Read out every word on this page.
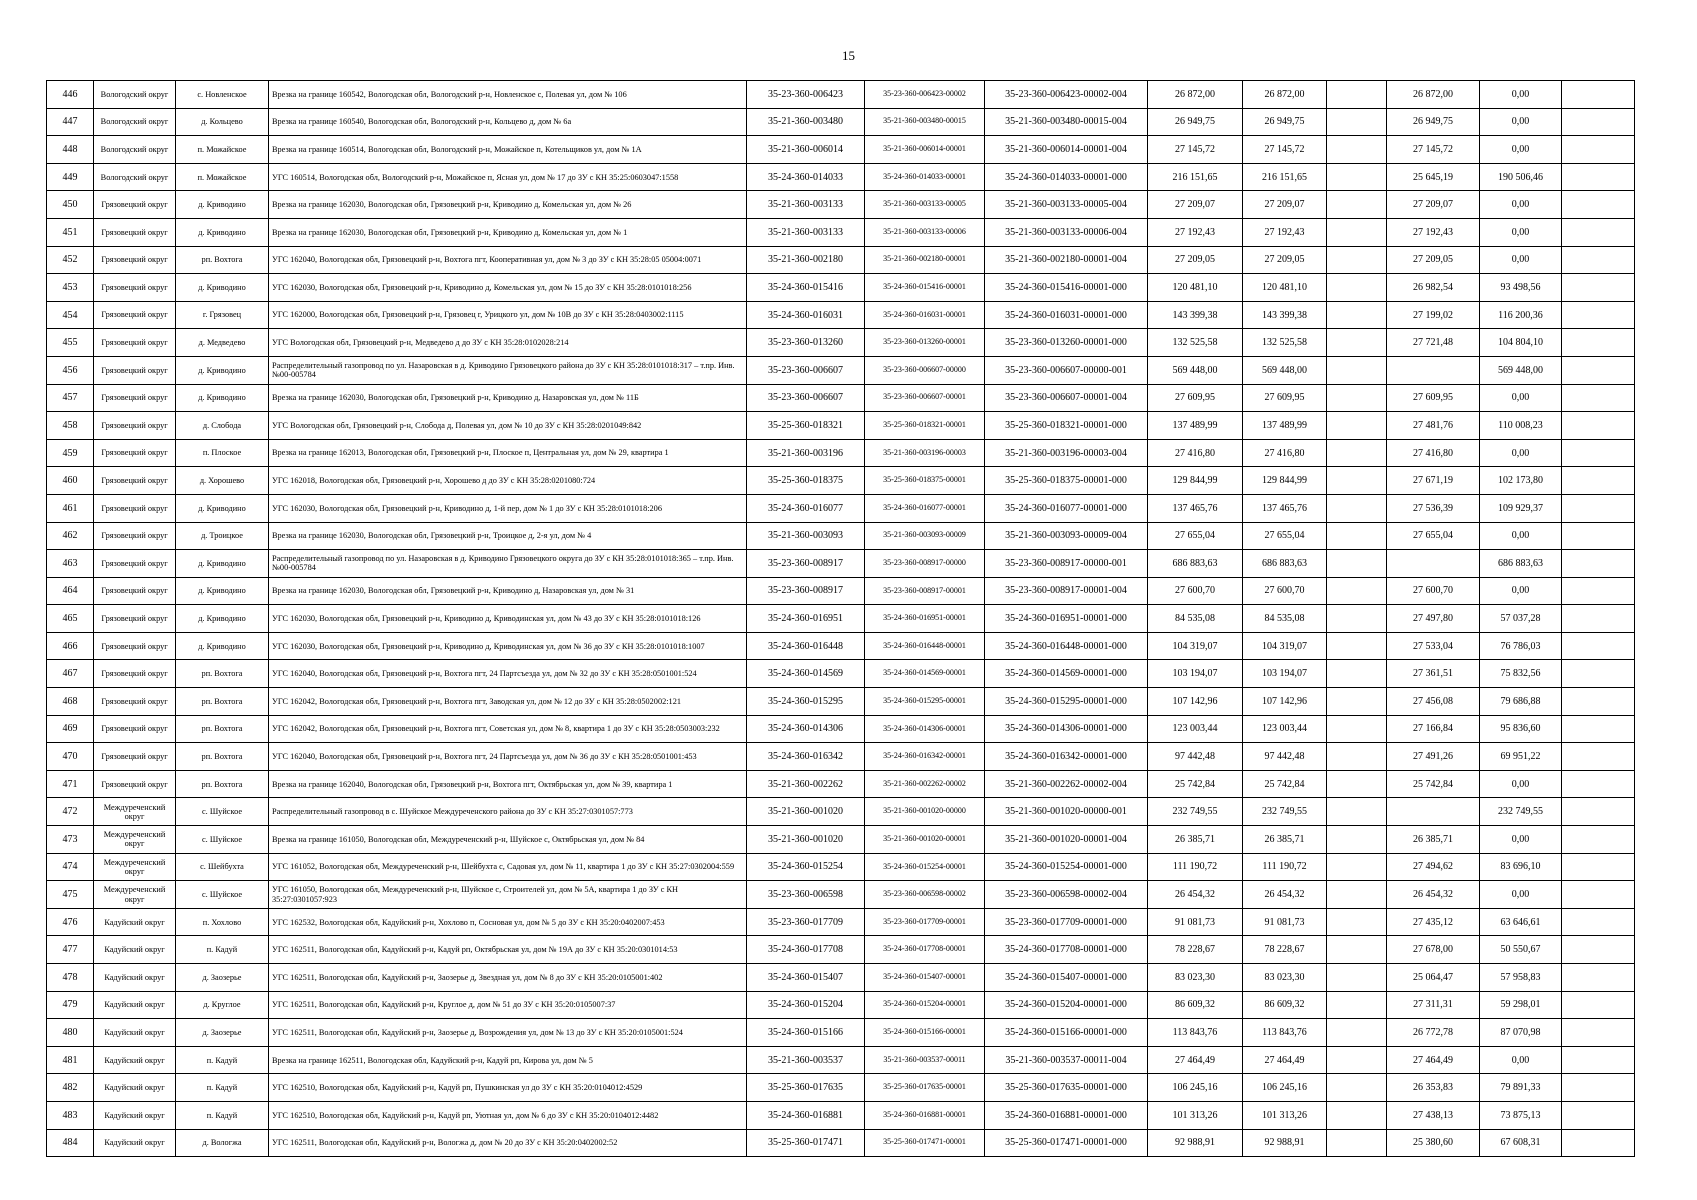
15
446	Вологодский округ	с. Новленское	Врезка на границе 160542, Вологодская обл, Вологодский р-н, Новленское с, Полевая ул, дом № 106	35-23-360-006423	35-23-360-006423-00002	35-23-360-006423-00002-004	26 872,00	26 872,00		26 872,00	0,00	
447	Вологодский округ	д. Кольцево	Врезка на границе 160540, Вологодская обл, Вологодский р-н, Кольцево д, дом № 6а	35-21-360-003480	35-21-360-003480-00015	35-21-360-003480-00015-004	26 949,75	26 949,75		26 949,75	0,00	
448	Вологодский округ	п. Можайское	Врезка на границе 160514, Вологодская обл, Вологодский р-н, Можайское п, Котельщиков ул, дом № 1А	35-21-360-006014	35-21-360-006014-00001	35-21-360-006014-00001-004	27 145,72	27 145,72		27 145,72	0,00	
449	Вологодский округ	п. Можайское	УГС 160514, Вологодская обл, Вологодский р-н, Можайское п, Ясная ул, дом № 17 до ЗУ с КН 35:25:0603047:1558	35-24-360-014033	35-24-360-014033-00001	35-24-360-014033-00001-000	216 151,65	216 151,65		25 645,19	190 506,46	
450	Грязовецкий округ	д. Криводино	Врезка на границе 162030, Вологодская обл, Грязовецкий р-н, Криводино д, Комельская ул, дом № 26	35-21-360-003133	35-21-360-003133-00005	35-21-360-003133-00005-004	27 209,07	27 209,07		27 209,07	0,00	
451	Грязовецкий округ	д. Криводино	Врезка на границе 162030, Вологодская обл, Грязовецкий р-н, Криводино д, Комельская ул, дом № 1	35-21-360-003133	35-21-360-003133-00006	35-21-360-003133-00006-004	27 192,43	27 192,43		27 192,43	0,00	
452	Грязовецкий округ	рп. Вохтога	УГС 162040, Вологодская обл, Грязовецкий р-н, Вохтога пгт, Кооперативная ул, дом № 3 до ЗУ с КН 35:28:05 05004:0071	35-21-360-002180	35-21-360-002180-00001	35-21-360-002180-00001-004	27 209,05	27 209,05		27 209,05	0,00	
453	Грязовецкий округ	д. Криводино	УГС 162030, Вологодская обл, Грязовецкий р-н, Криводино д, Комельская ул, дом № 15 до ЗУ с КН 35:28:0101018:256	35-24-360-015416	35-24-360-015416-00001	35-24-360-015416-00001-000	120 481,10	120 481,10		26 982,54	93 498,56	
454	Грязовецкий округ	г. Грязовец	УГС 162000, Вологодская обл, Грязовецкий р-н, Грязовец г, Урицкого ул, дом № 10В до ЗУ с КН 35:28:0403002:1115	35-24-360-016031	35-24-360-016031-00001	35-24-360-016031-00001-000	143 399,38	143 399,38		27 199,02	116 200,36	
455	Грязовецкий округ	д. Медведево	УГС Вологодская обл, Грязовецкий р-н, Медведево д до ЗУ с КН 35:28:0102028:214	35-23-360-013260	35-23-360-013260-00001	35-23-360-013260-00001-000	132 525,58	132 525,58		27 721,48	104 804,10	
456	Грязовецкий округ	д. Криводино	Распределительный газопровод по ул. Назаровская в д. Криводино Грязовецкого района до ЗУ с КН 35:28:0101018:317 – т.пр. Инв. №00-005784	35-23-360-006607	35-23-360-006607-00000	35-23-360-006607-00000-001	569 448,00	569 448,00			569 448,00	
457	Грязовецкий округ	д. Криводино	Врезка на границе 162030, Вологодская обл, Грязовецкий р-н, Криводино д, Назаровская ул, дом № 11Б	35-23-360-006607	35-23-360-006607-00001	35-23-360-006607-00001-004	27 609,95	27 609,95		27 609,95	0,00	
458	Грязовецкий округ	д. Слобода	УГС Вологодская обл, Грязовецкий р-н, Слобода д, Полевая ул, дом № 10 до ЗУ с КН 35:28:0201049:842	35-25-360-018321	35-25-360-018321-00001	35-25-360-018321-00001-000	137 489,99	137 489,99		27 481,76	110 008,23	
459	Грязовецкий округ	п. Плоское	Врезка на границе 162013, Вологодская обл, Грязовецкий р-н, Плоское п, Центральная ул, дом № 29, квартира 1	35-21-360-003196	35-21-360-003196-00003	35-21-360-003196-00003-004	27 416,80	27 416,80		27 416,80	0,00	
460	Грязовецкий округ	д. Хорошево	УГС 162018, Вологодская обл, Грязовецкий р-н, Хорошево д до ЗУ с КН 35:28:0201080:724	35-25-360-018375	35-25-360-018375-00001	35-25-360-018375-00001-000	129 844,99	129 844,99		27 671,19	102 173,80	
461	Грязовецкий округ	д. Криводино	УГС 162030, Вологодская обл, Грязовецкий р-н, Криводино д, 1-й пер, дом № 1 до ЗУ с КН 35:28:0101018:206	35-24-360-016077	35-24-360-016077-00001	35-24-360-016077-00001-000	137 465,76	137 465,76		27 536,39	109 929,37	
462	Грязовецкий округ	д. Троицкое	Врезка на границе 162030, Вологодская обл, Грязовецкий р-н, Троицкое д, 2-я ул, дом № 4	35-21-360-003093	35-21-360-003093-00009	35-21-360-003093-00009-004	27 655,04	27 655,04		27 655,04	0,00	
463	Грязовецкий округ	д. Криводино	Распределительный газопровод по ул. Назаровская в д. Криводино Грязовецкого округа до ЗУ с КН 35:28:0101018:365 – т.пр. Инв. №00-005784	35-23-360-008917	35-23-360-008917-00000	35-23-360-008917-00000-001	686 883,63	686 883,63			686 883,63	
464	Грязовецкий округ	д. Криводино	Врезка на границе 162030, Вологодская обл, Грязовецкий р-н, Криводино д, Назаровская ул, дом № 31	35-23-360-008917	35-23-360-008917-00001	35-23-360-008917-00001-004	27 600,70	27 600,70		27 600,70	0,00	
465	Грязовецкий округ	д. Криводино	УГС 162030, Вологодская обл, Грязовецкий р-н, Криводино д, Криводинская ул, дом № 43 до ЗУ с КН 35:28:0101018:126	35-24-360-016951	35-24-360-016951-00001	35-24-360-016951-00001-000	84 535,08	84 535,08		27 497,80	57 037,28	
466	Грязовецкий округ	д. Криводино	УГС 162030, Вологодская обл, Грязовецкий р-н, Криводино д, Криводинская ул, дом № 36 до ЗУ с КН 35:28:0101018:1007	35-24-360-016448	35-24-360-016448-00001	35-24-360-016448-00001-000	104 319,07	104 319,07		27 533,04	76 786,03	
467	Грязовецкий округ	рп. Вохтога	УГС 162040, Вологодская обл, Грязовецкий р-н, Вохтога пгт, 24 Партсъезда ул, дом № 32 до ЗУ с КН 35:28:0501001:524	35-24-360-014569	35-24-360-014569-00001	35-24-360-014569-00001-000	103 194,07	103 194,07		27 361,51	75 832,56	
468	Грязовецкий округ	рп. Вохтога	УГС 162042, Вологодская обл, Грязовецкий р-н, Вохтога пгт, Заводская ул, дом № 12 до ЗУ с КН 35:28:0502002:121	35-24-360-015295	35-24-360-015295-00001	35-24-360-015295-00001-000	107 142,96	107 142,96		27 456,08	79 686,88	
469	Грязовецкий округ	рп. Вохтога	УГС 162042, Вологодская обл, Грязовецкий р-н, Вохтога пгт, Советская ул, дом № 8, квартира 1 до ЗУ с КН 35:28:0503003:232	35-24-360-014306	35-24-360-014306-00001	35-24-360-014306-00001-000	123 003,44	123 003,44		27 166,84	95 836,60	
470	Грязовецкий округ	рп. Вохтога	УГС 162040, Вологодская обл, Грязовецкий р-н, Вохтога пгт, 24 Партсъезда ул, дом № 36 до ЗУ с КН 35:28:0501001:453	35-24-360-016342	35-24-360-016342-00001	35-24-360-016342-00001-000	97 442,48	97 442,48		27 491,26	69 951,22	
471	Грязовецкий округ	рп. Вохтога	Врезка на границе 162040, Вологодская обл, Грязовецкий р-н, Вохтога пгт, Октябрьская ул, дом № 39, квартира 1	35-21-360-002262	35-21-360-002262-00002	35-21-360-002262-00002-004	25 742,84	25 742,84		25 742,84	0,00	
472	Междуреченский округ	с. Шуйское	Распределительный газопровод в с. Шуйское Междуреченского района до ЗУ с КН 35:27:0301057:773	35-21-360-001020	35-21-360-001020-00000	35-21-360-001020-00000-001	232 749,55	232 749,55			232 749,55	
473	Междуреченский округ	с. Шуйское	Врезка на границе 161050, Вологодская обл, Междуреченский р-н, Шуйское с, Октябрьская ул, дом № 84	35-21-360-001020	35-21-360-001020-00001	35-21-360-001020-00001-004	26 385,71	26 385,71		26 385,71	0,00	
474	Междуреченский округ	с. Шейбухта	УГС 161052, Вологодская обл, Междуреченский р-н, Шейбухта с, Садовая ул, дом № 11, квартира 1 до ЗУ с КН 35:27:0302004:559	35-24-360-015254	35-24-360-015254-00001	35-24-360-015254-00001-000	111 190,72	111 190,72		27 494,62	83 696,10	
475	Междуреченский округ	с. Шуйское	УГС 161050, Вологодская обл, Междуреченский р-н, Шуйское с, Строителей ул, дом № 5А, квартира 1 до ЗУ с КН 35:27:0301057:923	35-23-360-006598	35-23-360-006598-00002	35-23-360-006598-00002-004	26 454,32	26 454,32		26 454,32	0,00	
476	Кадуйский округ	п. Хохлово	УГС 162532, Вологодская обл, Кадуйский р-н, Хохлово п, Сосновая ул, дом № 5 до ЗУ с КН 35:20:0402007:453	35-23-360-017709	35-23-360-017709-00001	35-23-360-017709-00001-000	91 081,73	91 081,73		27 435,12	63 646,61	
477	Кадуйский округ	п. Кадуй	УГС 162511, Вологодская обл, Кадуйский р-н, Кадуй рп, Октябрьская ул, дом № 19А до ЗУ с КН 35:20:0301014:53	35-24-360-017708	35-24-360-017708-00001	35-24-360-017708-00001-000	78 228,67	78 228,67		27 678,00	50 550,67	
478	Кадуйский округ	д. Заозерье	УГС 162511, Вологодская обл, Кадуйский р-н, Заозерье д, Звездная ул, дом № 8 до ЗУ с КН 35:20:0105001:402	35-24-360-015407	35-24-360-015407-00001	35-24-360-015407-00001-000	83 023,30	83 023,30		25 064,47	57 958,83	
479	Кадуйский округ	д. Круглое	УГС 162511, Вологодская обл, Кадуйский р-н, Круглое д, дом № 51 до ЗУ с КН 35:20:0105007:37	35-24-360-015204	35-24-360-015204-00001	35-24-360-015204-00001-000	86 609,32	86 609,32		27 311,31	59 298,01	
480	Кадуйский округ	д. Заозерье	УГС 162511, Вологодская обл, Кадуйский р-н, Заозерье д, Возрождения ул, дом № 13 до ЗУ с КН 35:20:0105001:524	35-24-360-015166	35-24-360-015166-00001	35-24-360-015166-00001-000	113 843,76	113 843,76		26 772,78	87 070,98	
481	Кадуйский округ	п. Кадуй	Врезка на границе 162511, Вологодская обл, Кадуйский р-н, Кадуй рп, Кирова ул, дом № 5	35-21-360-003537	35-21-360-003537-00011	35-21-360-003537-00011-004	27 464,49	27 464,49		27 464,49	0,00	
482	Кадуйский округ	п. Кадуй	УГС 162510, Вологодская обл, Кадуйский р-н, Кадуй рп, Пушкинская ул до ЗУ с КН 35:20:0104012:4529	35-25-360-017635	35-25-360-017635-00001	35-25-360-017635-00001-000	106 245,16	106 245,16		26 353,83	79 891,33	
483	Кадуйский округ	п. Кадуй	УГС 162510, Вологодская обл, Кадуйский р-н, Кадуй рп, Уютная ул, дом № 6 до ЗУ с КН 35:20:0104012:4482	35-24-360-016881	35-24-360-016881-00001	35-24-360-016881-00001-000	101 313,26	101 313,26		27 438,13	73 875,13	
484	Кадуйский округ	д. Вологжа	УГС 162511, Вологодская обл, Кадуйский р-н, Вологжа д, дом № 20 до ЗУ с КН 35:20:0402002:52	35-25-360-017471	35-25-360-017471-00001	35-25-360-017471-00001-000	92 988,91	92 988,91		25 380,60	67 608,31	
